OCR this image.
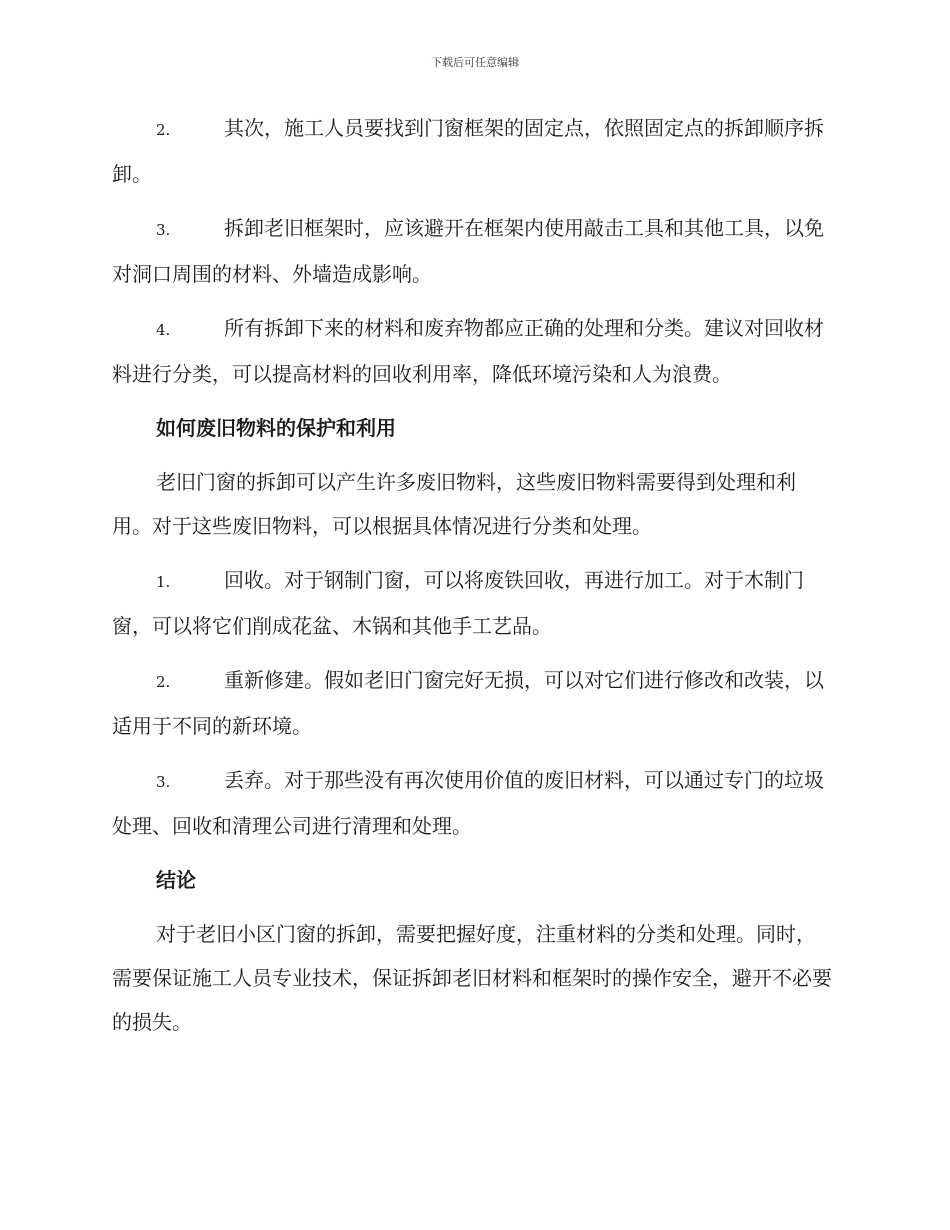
下载后可任意编辑

2.	其次，施工人员要找到门窗框架的固定点，依照固定点的拆卸顺序拆卸。

3.	拆卸老旧框架时，应该避开在框架内使用敲击工具和其他工具，以免对洞口周围的材料、外墙造成影响。

4.	所有拆卸下来的材料和废弃物都应正确的处理和分类。建议对回收材料进行分类，可以提高材料的回收利用率，降低环境污染和人为浪费。

如何废旧物料的保护和利用

老旧门窗的拆卸可以产生许多废旧物料，这些废旧物料需要得到处理和利用。对于这些废旧物料，可以根据具体情况进行分类和处理。

1.	回收。对于钢制门窗，可以将废铁回收，再进行加工。对于木制门窗，可以将它们削成花盆、木锅和其他手工艺品。

2.	重新修建。假如老旧门窗完好无损，可以对它们进行修改和改装，以适用于不同的新环境。

3.	丢弃。对于那些没有再次使用价值的废旧材料，可以通过专门的垃圾处理、回收和清理公司进行清理和处理。

结论

对于老旧小区门窗的拆卸，需要把握好度，注重材料的分类和处理。同时，需要保证施工人员专业技术，保证拆卸老旧材料和框架时的操作安全，避开不必要的损失。
